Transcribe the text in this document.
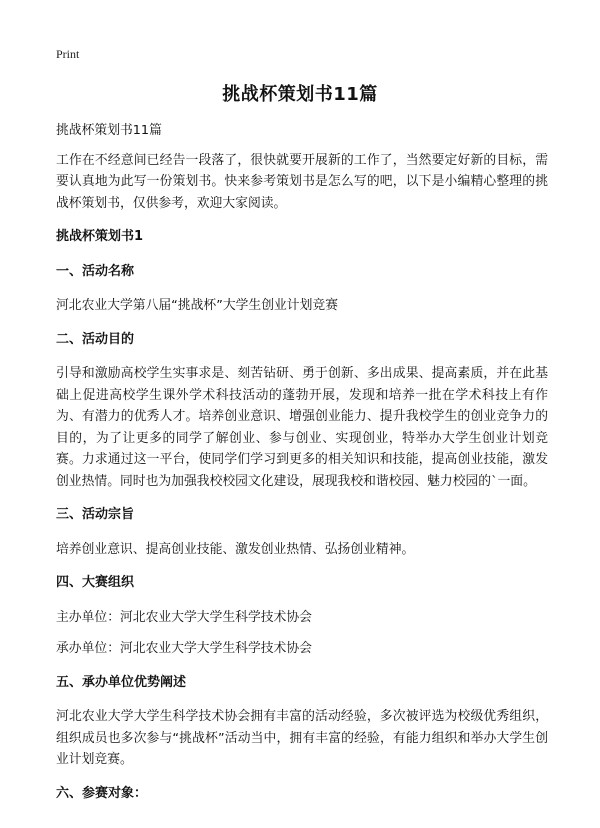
Print
挑战杯策划书11篇

挑战杯策划书11篇

工作在不经意间已经告一段落了，很快就要开展新的工作了，当然要定好新的目标，需要认真地为此写一份策划书。快来参考策划书是怎么写的吧，以下是小编精心整理的挑战杯策划书，仅供参考，欢迎大家阅读。

挑战杯策划书1

一、活动名称

河北农业大学第八届“挑战杯”大学生创业计划竞赛

二、活动目的

引导和激励高校学生实事求是、刻苦钻研、勇于创新、多出成果、提高素质，并在此基础上促进高校学生课外学术科技活动的蓬勃开展，发现和培养一批在学术科技上有作为、有潜力的优秀人才。培养创业意识、增强创业能力、提升我校学生的创业竞争力的目的，为了让更多的同学了解创业、参与创业、实现创业，特举办大学生创业计划竞赛。力求通过这一平台，使同学们学习到更多的相关知识和技能，提高创业技能，激发创业热情。同时也为加强我校校园文化建设，展现我校和谐校园、魅力校园的`一面。

三、活动宗旨

培养创业意识、提高创业技能、激发创业热情、弘扬创业精神。

四、大赛组织

主办单位：河北农业大学大学生科学技术协会

承办单位：河北农业大学大学生科学技术协会

五、承办单位优势阐述

河北农业大学大学生科学技术协会拥有丰富的活动经验，多次被评选为校级优秀组织，组织成员也多次参与“挑战杯”活动当中，拥有丰富的经验，有能力组织和举办大学生创业计划竞赛。

六、参赛对象：
